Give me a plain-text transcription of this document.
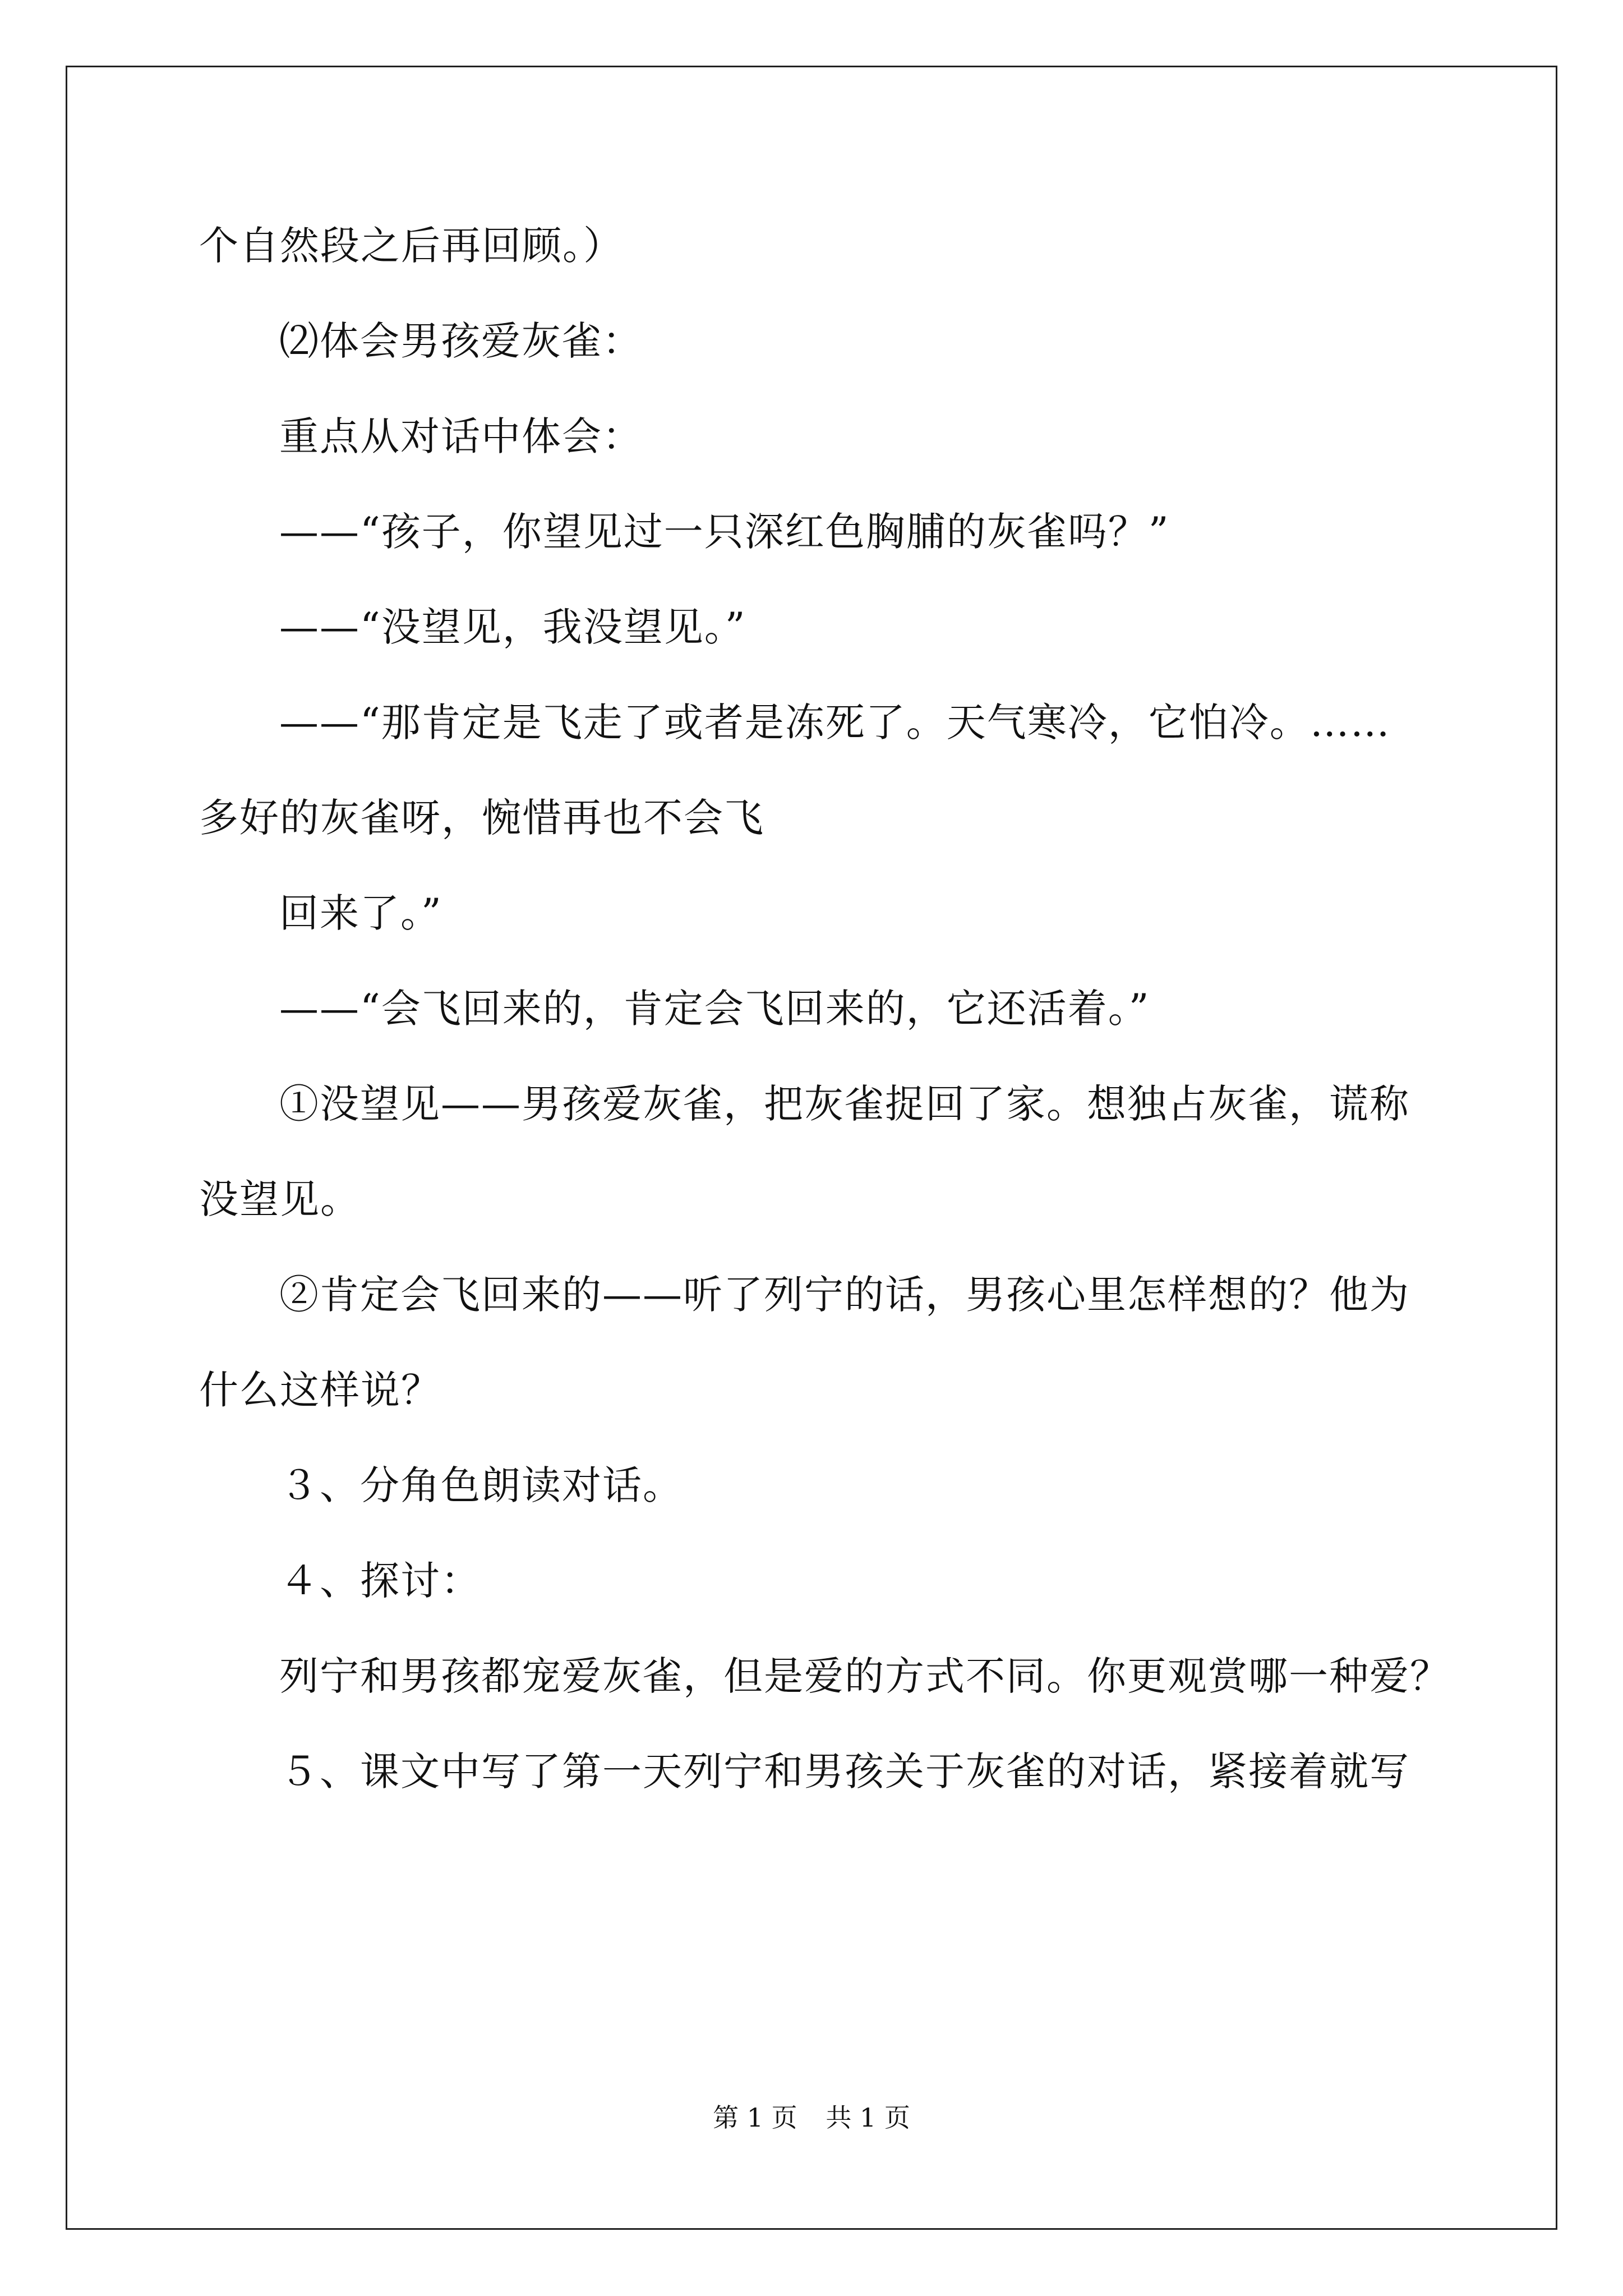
个自然段之后再回顾。）
⑵体会男孩爱灰雀：
重点从对话中体会：
——“孩子，你望见过一只深红色胸脯的灰雀吗？”
——“没望见，我没望见。”
——“那肯定是飞走了或者是冻死了。天气寒冷，它怕冷。……
多好的灰雀呀，惋惜再也不会飞
回来了。”
——“会飞回来的，肯定会飞回来的，它还活着。”
①没望见——男孩爱灰雀，把灰雀捉回了家。想独占灰雀，谎称
没望见。
②肯定会飞回来的——听了列宁的话，男孩心里怎样想的？他为
什么这样说？
３、分角色朗读对话。
４、探讨：
列宁和男孩都宠爱灰雀，但是爱的方式不同。你更观赏哪一种爱？
５、课文中写了第一天列宁和男孩关于灰雀的对话，紧接着就写
第 1 页 共 1 页
